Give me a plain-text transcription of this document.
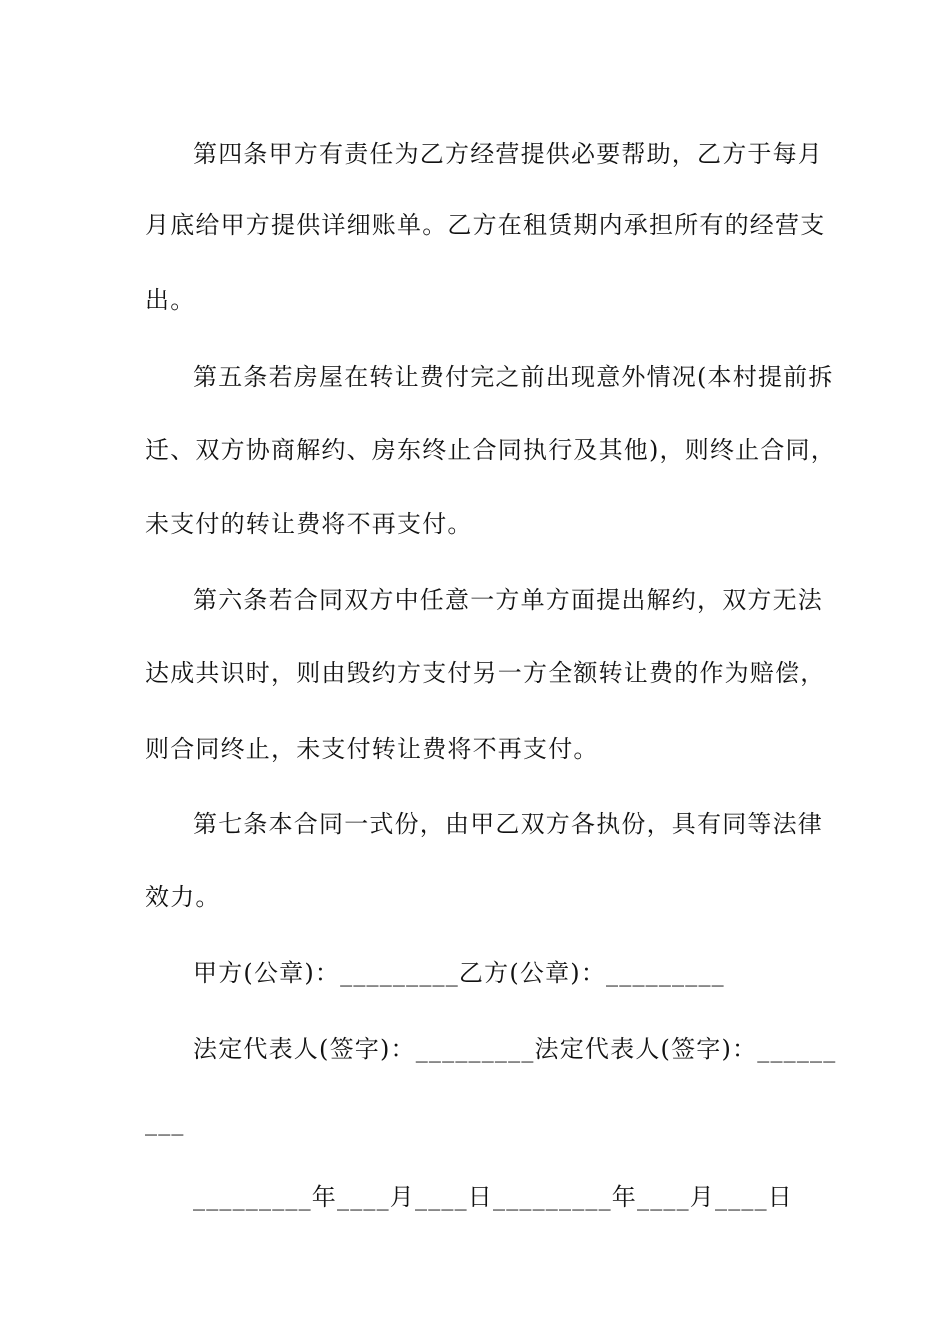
第四条甲方有责任为乙方经营提供必要帮助，乙方于每月
月底给甲方提供详细账单。乙方在租赁期内承担所有的经营支
出。
第五条若房屋在转让费付完之前出现意外情况(本村提前拆
迁、双方协商解约、房东终止合同执行及其他)，则终止合同，
未支付的转让费将不再支付。
第六条若合同双方中任意一方单方面提出解约，双方无法
达成共识时，则由毁约方支付另一方全额转让费的作为赔偿，
则合同终止，未支付转让费将不再支付。
第七条本合同一式份，由甲乙双方各执份，具有同等法律
效力。
甲方(公章)：_________乙方(公章)：_________
法定代表人(签字)：_________法定代表人(签字)：______
___
_________年____月____日_________年____月____日
